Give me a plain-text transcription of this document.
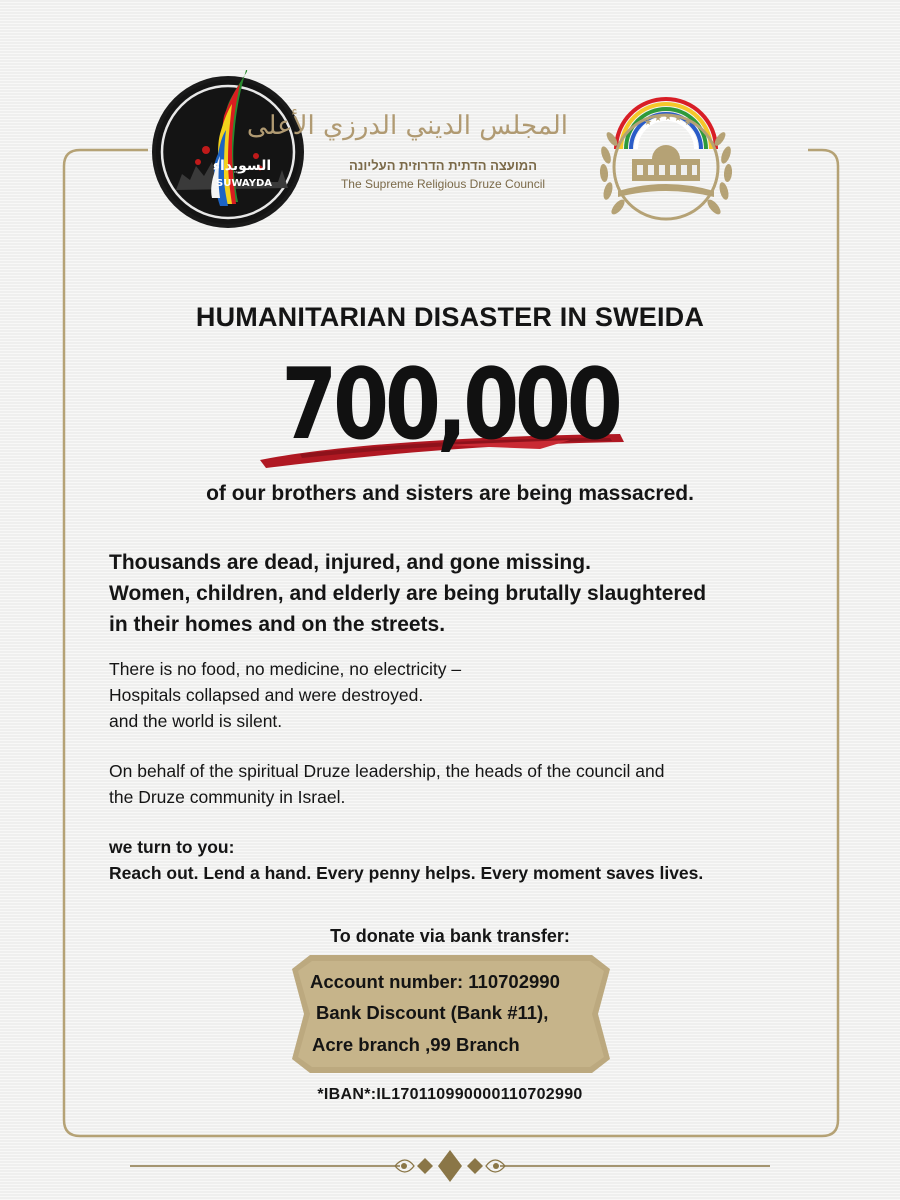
السويداء
SUWAYDA
المجلس الديني الدرزي الأعلى
המועצה הדתית הדרוזית העליונה
The Supreme Religious Druze Council
★ ★ ★ ★ ★
HUMANITARIAN DISASTER IN SWEIDA
700,000
of our brothers and sisters are being massacred.
Thousands are dead, injured, and gone missing.
Women, children, and elderly are being brutally slaughtered
in their homes and on the streets.
There is no food, no medicine, no electricity –
Hospitals collapsed and were destroyed.
and the world is silent.
On behalf of the spiritual Druze leadership, the heads of the council and
the Druze community in Israel.
we turn to you:
Reach out. Lend a hand. Every penny helps. Every moment saves lives.
To donate via bank transfer:
Account number: 110702990
Bank Discount (Bank #11),
Acre branch ,99 Branch
*IBAN*:IL170110990000110702990
